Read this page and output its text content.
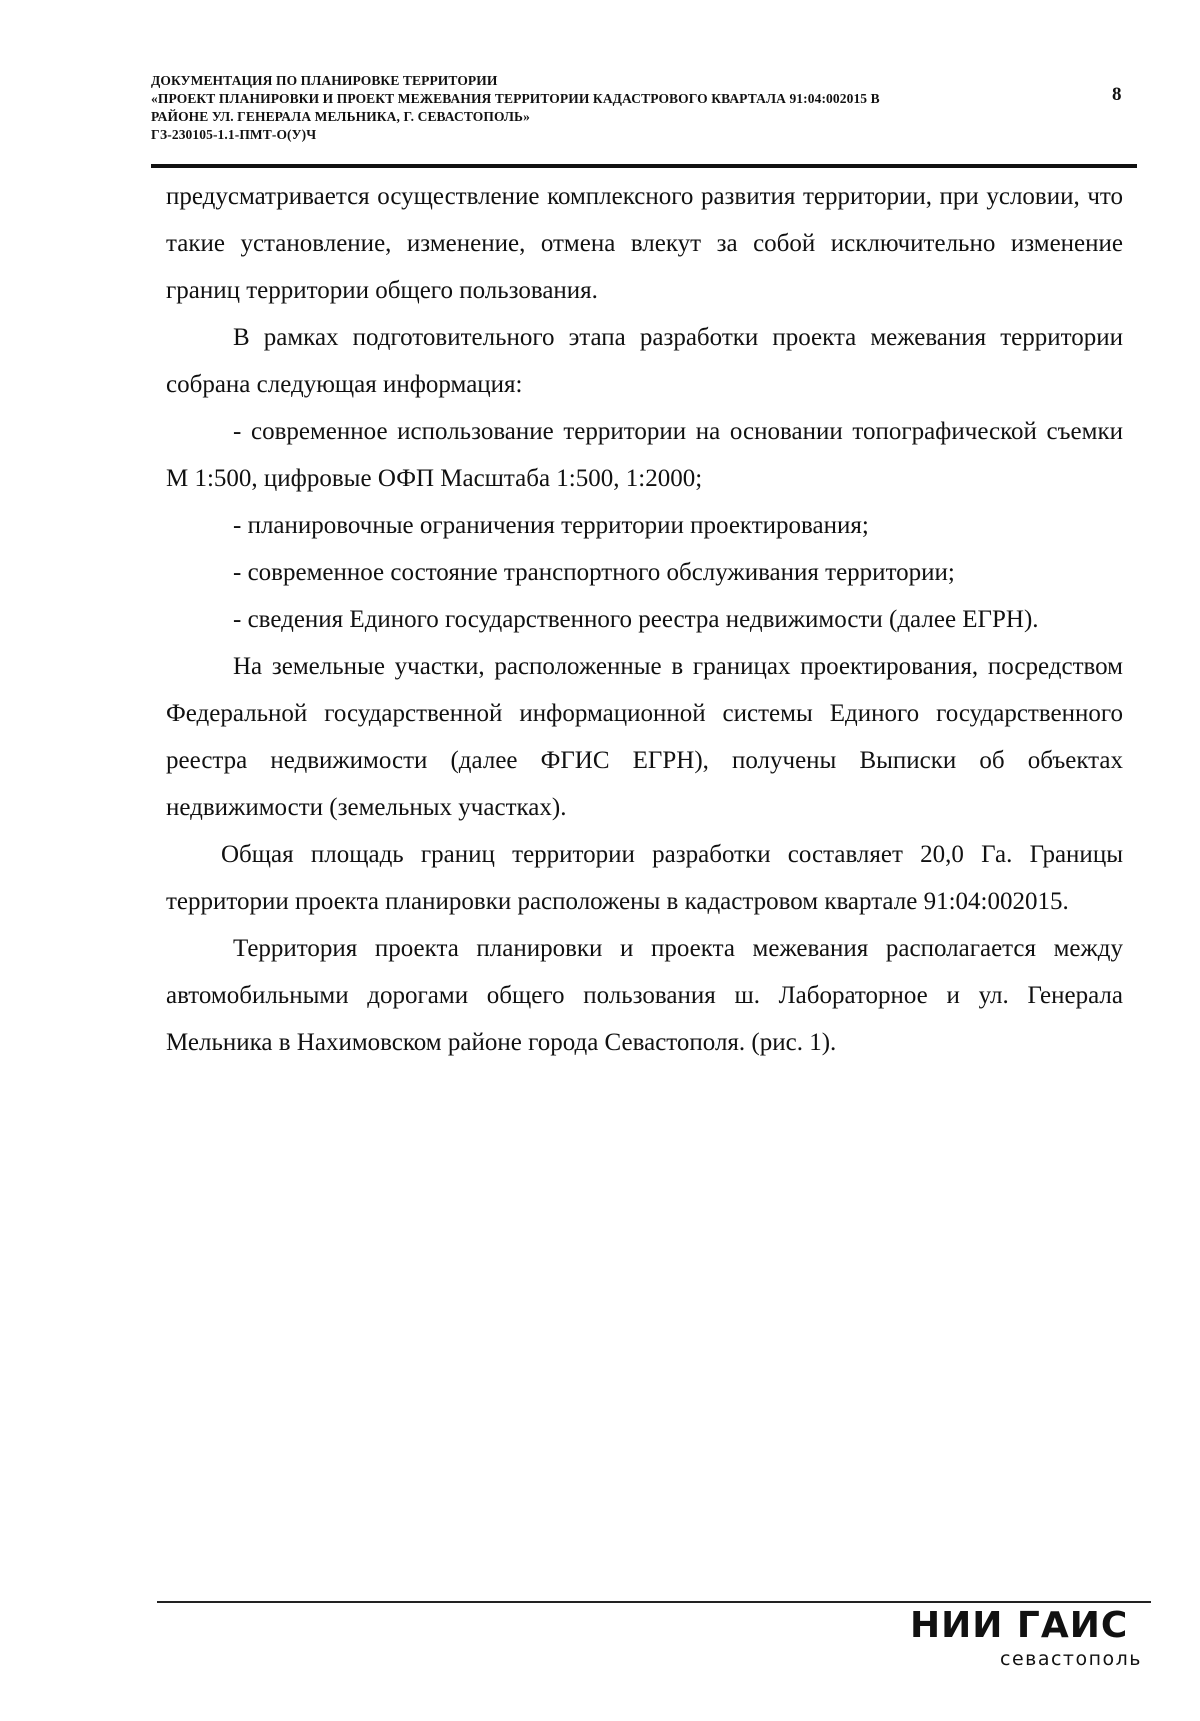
ДОКУМЕНТАЦИЯ ПО ПЛАНИРОВКЕ ТЕРРИТОРИИ
«ПРОЕКТ ПЛАНИРОВКИ И ПРОЕКТ МЕЖЕВАНИЯ ТЕРРИТОРИИ КАДАСТРОВОГО КВАРТАЛА 91:04:002015 В
РАЙОНЕ УЛ. ГЕНЕРАЛА МЕЛЬНИКА, Г. СЕВАСТОПОЛЬ»
ГЗ-230105-1.1-ПМТ-О(У)Ч
8

предусматривается осуществление комплексного развития территории, при условии, что такие установление, изменение, отмена влекут за собой исключительно изменение границ территории общего пользования.

В рамках подготовительного этапа разработки проекта межевания территории собрана следующая информация:

- современное использование территории на основании топографической съемки М 1:500, цифровые ОФП Масштаба 1:500, 1:2000;

- планировочные ограничения территории проектирования;

- современное состояние транспортного обслуживания территории;

- сведения Единого государственного реестра недвижимости (далее ЕГРН).

На земельные участки, расположенные в границах проектирования, посредством Федеральной государственной информационной системы Единого государственного реестра недвижимости (далее ФГИС ЕГРН), получены Выписки об объектах недвижимости (земельных участках).

Общая площадь границ территории разработки составляет 20,0 Га. Границы территории проекта планировки расположены в кадастровом квартале 91:04:002015.

Территория проекта планировки и проекта межевания располагается между автомобильными дорогами общего пользования ш. Лабораторное и ул. Генерала Мельника в Нахимовском районе города Севастополя. (рис. 1).

НИИ ГАИС
севастополь
